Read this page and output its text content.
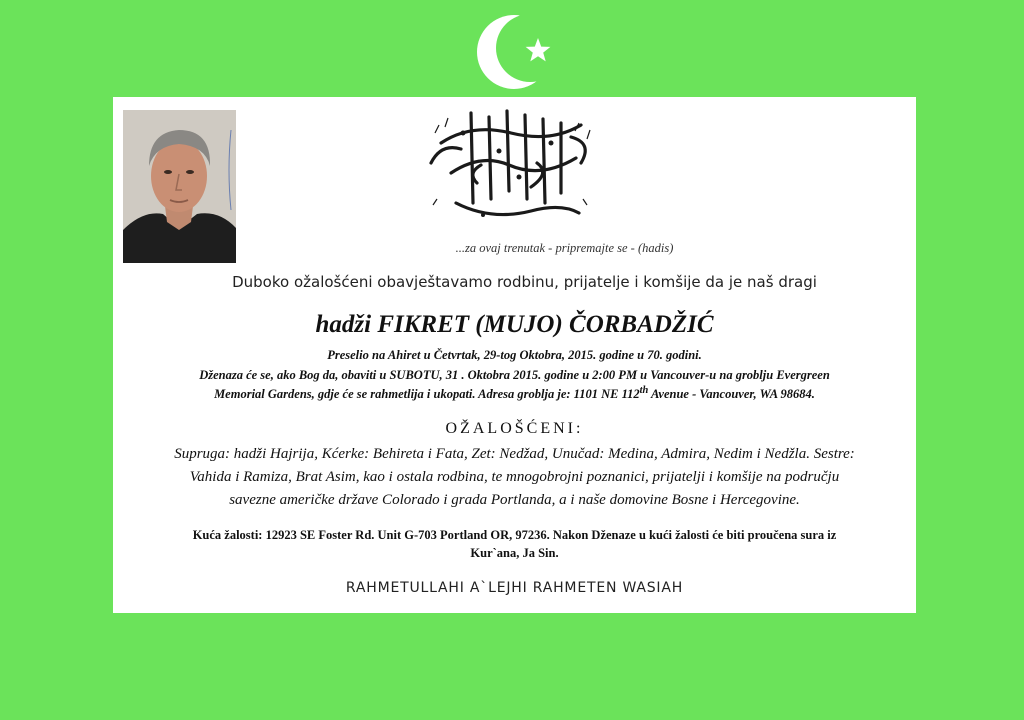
...za ovaj trenutak - pripremajte se - (hadis)
Duboko ožalošćeni obavještavamo rodbinu, prijatelje i komšije da je naš dragi
hadži FIKRET (MUJO) ČORBADŽIĆ
Preselio na Ahiret u Četvrtak, 29-tog Oktobra, 2015. godine u 70. godini.
Dženaza će se, ako Bog da, obaviti u SUBOTU, 31 . Oktobra 2015. godine u 2:00 PM u Vancouver-u na groblju Evergreen
Memorial Gardens, gdje će se rahmetlija i ukopati. Adresa groblja je: 1101 NE 112th Avenue - Vancouver, WA 98684.
OŽALOŠĆENI:
Supruga: hadži Hajrija, Kćerke: Behireta i Fata, Zet: Nedžad, Unučad: Medina, Admira, Nedim i Nedžla. Sestre:
Vahida i Ramiza, Brat Asim, kao i ostala rodbina, te mnogobrojni poznanici, prijatelji i komšije na području
savezne američke države Colorado i grada Portlanda, a i naše domovine Bosne i Hercegovine.
Kuća žalosti: 12923 SE Foster Rd. Unit G-703 Portland OR, 97236. Nakon Dženaze u kući žalosti će biti proučena sura iz
Kur`ana, Ja Sin.
RAHMETULLAHI A`LEJHI RAHMETEN WASIAH
